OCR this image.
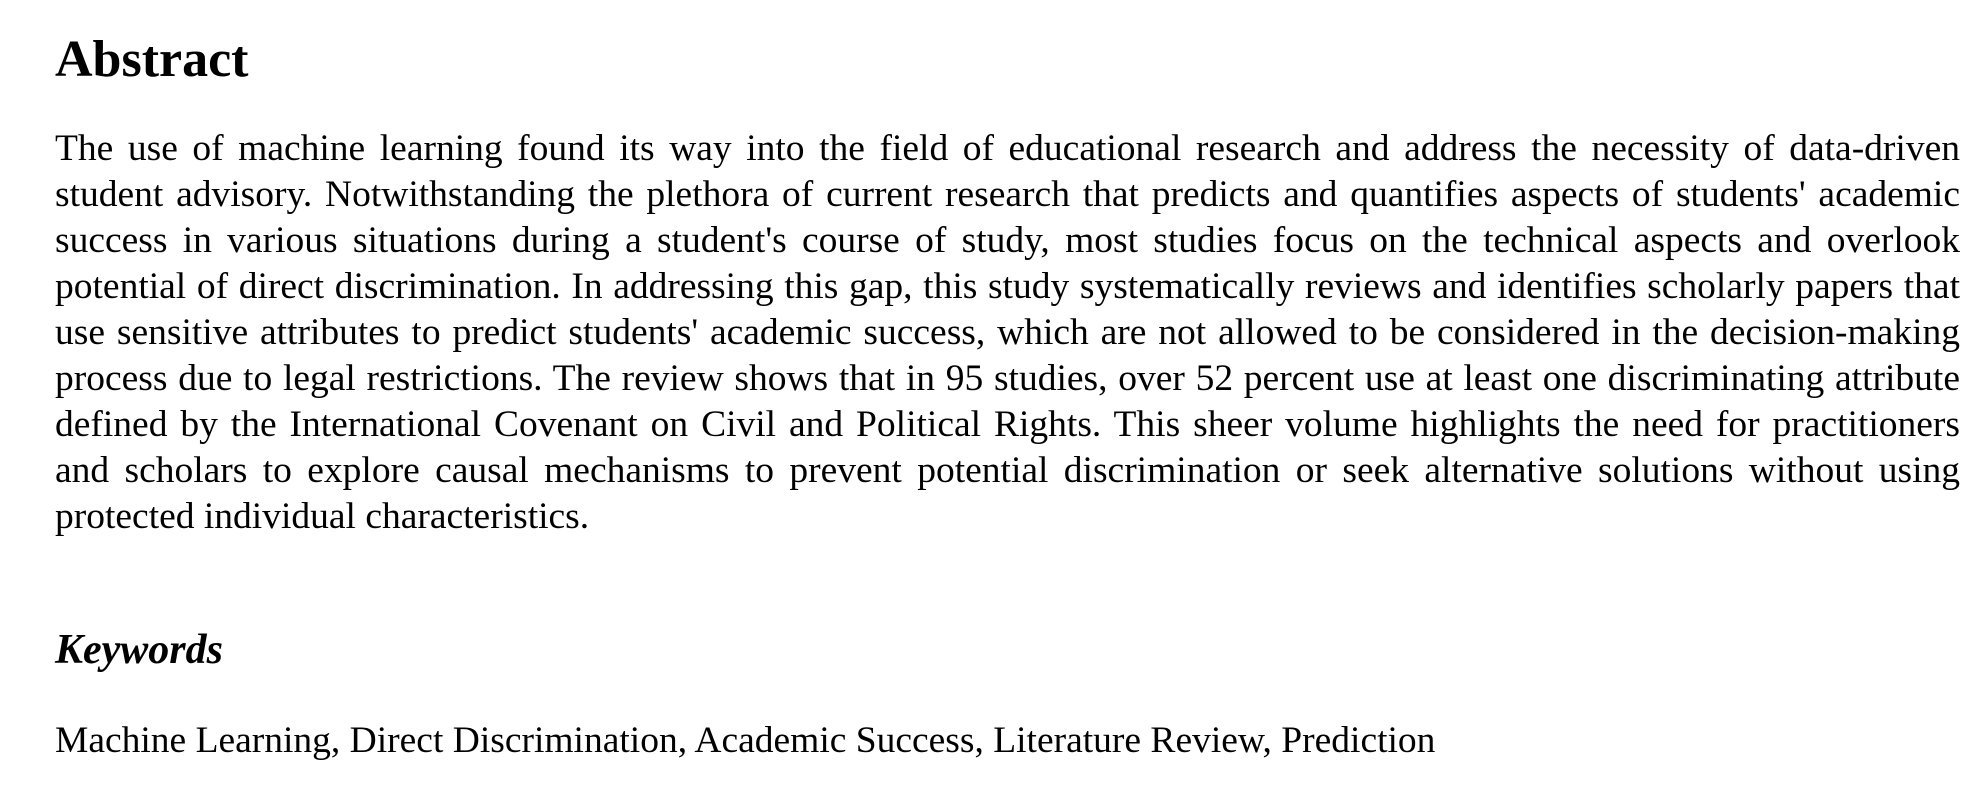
Abstract

The use of machine learning found its way into the field of educational research and address the necessity of data-driven student advisory. Notwithstanding the plethora of current research that predicts and quantifies aspects of students' academic success in various situations during a student's course of study, most studies focus on the technical aspects and overlook potential of direct discrimination. In addressing this gap, this study systematically reviews and identifies scholarly papers that use sensitive attributes to predict students' academic success, which are not allowed to be considered in the decision-making process due to legal restrictions. The review shows that in 95 studies, over 52 percent use at least one discriminating attribute defined by the International Covenant on Civil and Political Rights. This sheer volume highlights the need for practitioners and scholars to explore causal mechanisms to prevent potential discrimination or seek alternative solutions without using protected individual characteristics.

Keywords

Machine Learning, Direct Discrimination, Academic Success, Literature Review, Prediction
